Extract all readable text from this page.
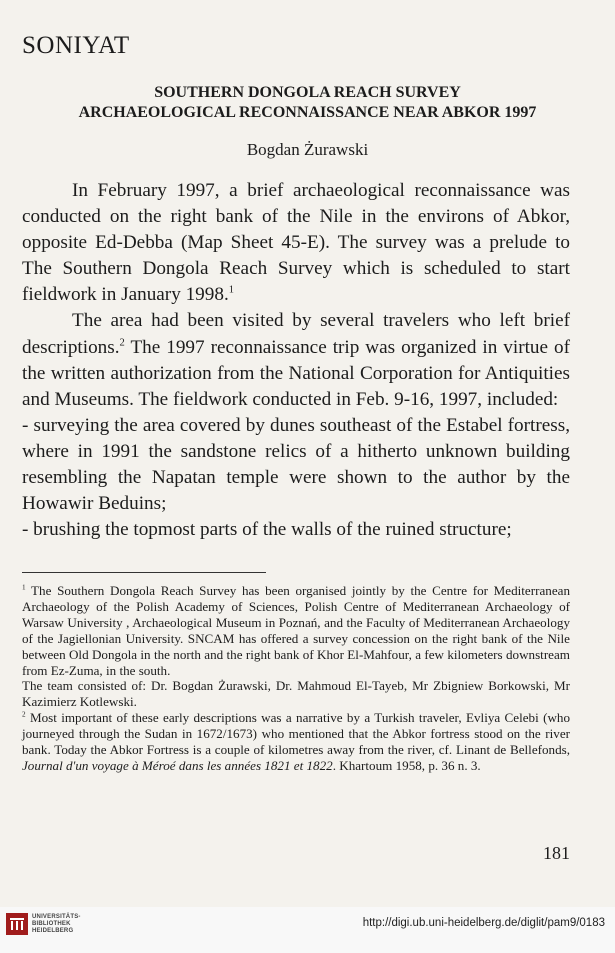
SONIYAT
SOUTHERN DONGOLA REACH SURVEY
ARCHAEOLOGICAL RECONNAISSANCE NEAR ABKOR 1997
Bogdan Żurawski

In February 1997, a brief archaeological reconnaissance was conducted on the right bank of the Nile in the environs of Abkor, opposite Ed-Debba (Map Sheet 45-E). The survey was a prelude to The Southern Dongola Reach Survey which is scheduled to start fieldwork in January 1998.$^1$

The area had been visited by several travelers who left brief descriptions.$^2$ The 1997 reconnaissance trip was organized in virtue of the written authorization from the National Corporation for Antiquities and Museums. The fieldwork conducted in Feb. 9-16, 1997, included:

- surveying the area covered by dunes southeast of the Estabel fortress, where in 1991 the sandstone relics of a hitherto unknown building resembling the Napatan temple were shown to the author by the Howawir Beduins;

- brushing the topmost parts of the walls of the ruined structure;

$^1$ The Southern Dongola Reach Survey has been organised jointly by the Centre for Mediterranean Archaeology of the Polish Academy of Sciences, Polish Centre of Mediterranean Archaeology of Warsaw University , Archaeological Museum in Poznań, and the Faculty of Mediterranean Archaeology of the Jagiellonian University. SNCAM has offered a survey concession on the right bank of the Nile between Old Dongola in the north and the right bank of Khor El-Mahfour, a few kilometers downstream from Ez-Zuma, in the south.

The team consisted of: Dr. Bogdan Żurawski, Dr. Mahmoud El-Tayeb, Mr Zbigniew Borkowski, Mr Kazimierz Kotlewski.

$^2$ Most important of these early descriptions was a narrative by a Turkish traveler, Evliya Celebi (who journeyed through the Sudan in 1672/1673) who mentioned that the Abkor fortress stood on the river bank. Today the Abkor Fortress is a couple of kilometres away from the river, cf. Linant de Bellefonds, Journal d'un voyage à Méroé dans les années 1821 et 1822. Khartoum 1958, p. 36 n. 3.

181
UNIVERSITÄTS-
BIBLIOTHEK
HEIDELBERG
http://digi.ub.uni-heidelberg.de/diglit/pam9/0183
